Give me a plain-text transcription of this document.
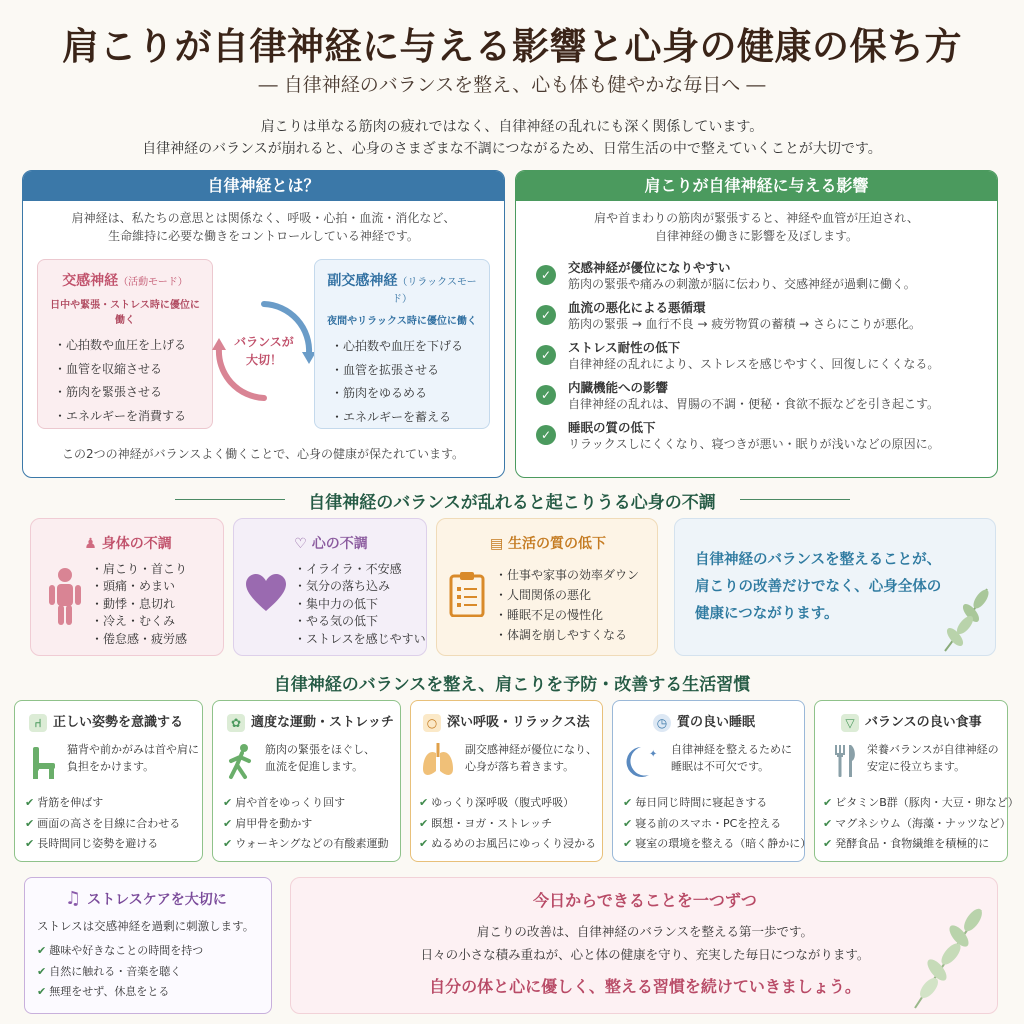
肩こりが自律神経に与える影響と心身の健康の保ち方
― 自律神経のバランスを整え、心も体も健やかな毎日へ ―
肩こりは単なる筋肉の疲れではなく、自律神経の乱れにも深く関係しています。
自律神経のバランスが崩れると、心身のさまざまな不調につながるため、日常生活の中で整えていくことが大切です。
自律神経とは？
肩神経は、私たちの意思とは関係なく、呼吸・心拍・血流・消化など、
生命維持に必要な働きをコントロールしている神経です。
交感神経（活動モード）
日中や緊張・ストレス時に優位に働く
・心拍数や血圧を上げる
・血管を収縮させる
・筋肉を緊張させる
・エネルギーを消費する
バランスが
大切！
副交感神経（リラックスモード）
夜間やリラックス時に優位に働く
・心拍数や血圧を下げる
・血管を拡張させる
・筋肉をゆるめる
・エネルギーを蓄える
この2つの神経がバランスよく働くことで、心身の健康が保たれています。
肩こりが自律神経に与える影響
肩や首まわりの筋肉が緊張すると、神経や血管が圧迫され、
自律神経の働きに影響を及ぼします。
✓	交感神経が優位になりやすい
筋肉の緊張や痛みの刺激が脳に伝わり、交感神経が過剰に働く。
✓	血流の悪化による悪循環
筋肉の緊張 → 血行不良 → 疲労物質の蓄積 → さらにこりが悪化。
✓	ストレス耐性の低下
自律神経の乱れにより、ストレスを感じやすく、回復しにくくなる。
✓	内臓機能への影響
自律神経の乱れは、胃腸の不調・便秘・食欲不振などを引き起こす。
✓	睡眠の質の低下
リラックスしにくくなり、寝つきが悪い・眠りが浅いなどの原因に。
自律神経のバランスが乱れると起こりうる心身の不調
♟ 身体の不調
・肩こり・首こり
・頭痛・めまい
・動悸・息切れ
・冷え・むくみ
・倦怠感・疲労感
♡ 心の不調
・イライラ・不安感
・気分の落ち込み
・集中力の低下
・やる気の低下
・ストレスを感じやすい
▤ 生活の質の低下
・仕事や家事の効率ダウン
・人間関係の悪化
・睡眠不足の慢性化
・体調を崩しやすくなる
自律神経のバランスを整えることが、
肩こりの改善だけでなく、心身全体の
健康につながります。
自律神経のバランスを整え、肩こりを予防・改善する生活習慣
⑁ 正しい姿勢を意識する
猫背や前かがみは首や肩に
負担をかけます。
✔ 背筋を伸ばす
✔ 画面の高さを目線に合わせる
✔ 長時間同じ姿勢を避ける
✿ 適度な運動・ストレッチ
筋肉の緊張をほぐし、
血流を促進します。
✔ 肩や首をゆっくり回す
✔ 肩甲骨を動かす
✔ ウォーキングなどの有酸素運動
○ 深い呼吸・リラックス法
副交感神経が優位になり、
心身が落ち着きます。
✔ ゆっくり深呼吸（腹式呼吸）
✔ 瞑想・ヨガ・ストレッチ
✔ ぬるめのお風呂にゆっくり浸かる
◷ 質の良い睡眠
✦ 自律神経を整えるために
睡眠は不可欠です。
✔ 毎日同じ時間に寝起きする
✔ 寝る前のスマホ・PCを控える
✔ 寝室の環境を整える（暗く静かに）
▽ バランスの良い食事
栄養バランスが自律神経の
安定に役立ちます。
✔ ビタミンB群（豚肉・大豆・卵など）
✔ マグネシウム（海藻・ナッツなど）
✔ 発酵食品・食物繊維を積極的に
♫ ストレスケアを大切に
ストレスは交感神経を過剰に刺激します。
✔ 趣味や好きなことの時間を持つ
✔ 自然に触れる・音楽を聴く
✔ 無理をせず、休息をとる
今日からできることを一つずつ
肩こりの改善は、自律神経のバランスを整える第一歩です。
日々の小さな積み重ねが、心と体の健康を守り、充実した毎日につながります。
自分の体と心に優しく、整える習慣を続けていきましょう。
